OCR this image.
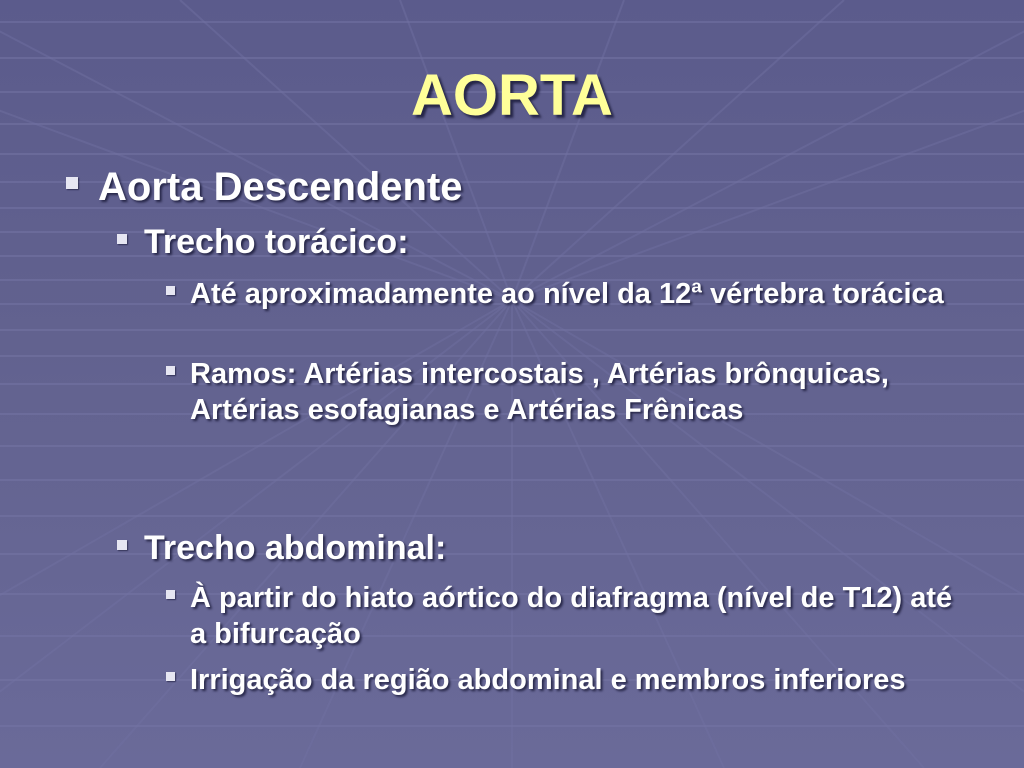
AORTA
Aorta Descendente
Trecho torácico:
Até aproximadamente ao nível da 12ª vértebra torácica
Ramos: Artérias intercostais , Artérias brônquicas, Artérias esofagianas e Artérias Frênicas
Trecho abdominal:
À partir do hiato aórtico do diafragma (nível de T12) até a bifurcação
Irrigação da região abdominal e membros inferiores
